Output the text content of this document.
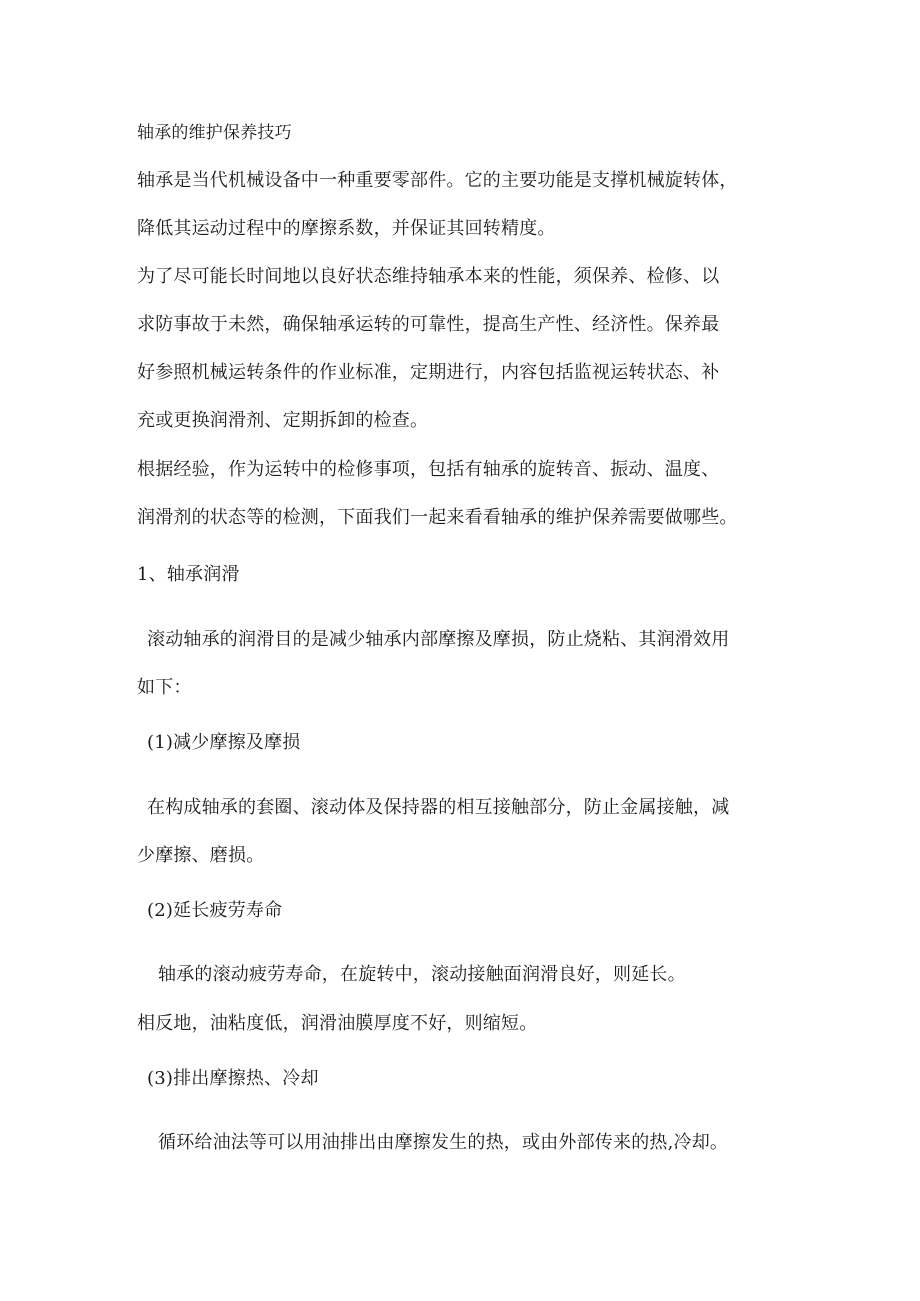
轴承的维护保养技巧
轴承是当代机械设备中一种重要零部件。它的主要功能是支撑机械旋转体，
降低其运动过程中的摩擦系数，并保证其回转精度。
为了尽可能长时间地以良好状态维持轴承本来的性能，须保养、检修、以
求防事故于未然，确保轴承运转的可靠性，提高生产性、经济性。保养最
好参照机械运转条件的作业标准，定期进行，内容包括监视运转状态、补
充或更换润滑剂、定期拆卸的检查。
根据经验，作为运转中的检修事项，包括有轴承的旋转音、振动、温度、
润滑剂的状态等的检测，下面我们一起来看看轴承的维护保养需要做哪些。
1、轴承润滑
滚动轴承的润滑目的是减少轴承内部摩擦及摩损，防止烧粘、其润滑效用
如下：
(1)减少摩擦及摩损
在构成轴承的套圈、滚动体及保持器的相互接触部分，防止金属接触，减
少摩擦、磨损。
(2)延长疲劳寿命
轴承的滚动疲劳寿命，在旋转中，滚动接触面润滑良好，则延长。
相反地，油粘度低，润滑油膜厚度不好，则缩短。
(3)排出摩擦热、冷却
循环给油法等可以用油排出由摩擦发生的热，或由外部传来的热,冷却。
